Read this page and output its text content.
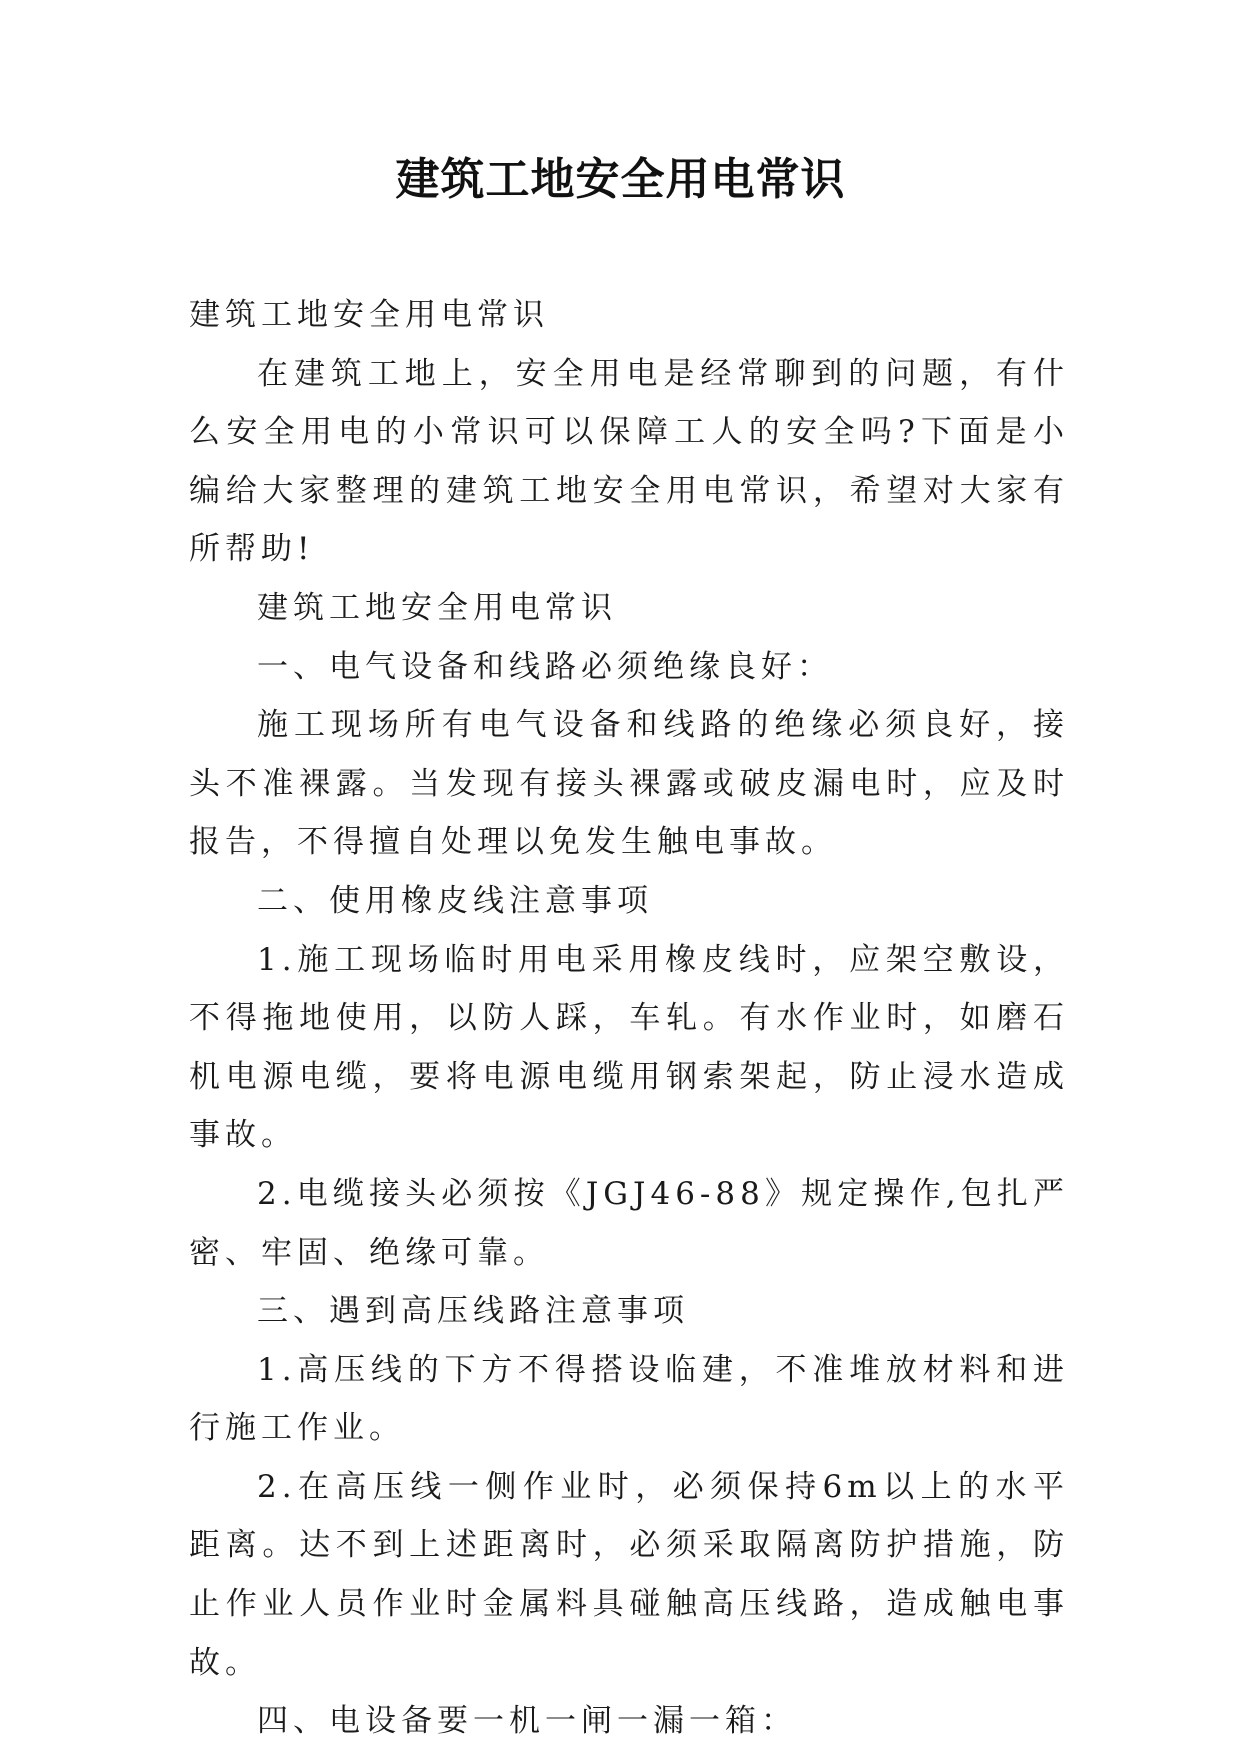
建筑工地安全用电常识

建筑工地安全用电常识

在建筑工地上，安全用电是经常聊到的问题，有什么安全用电的小常识可以保障工人的安全吗?下面是小编给大家整理的建筑工地安全用电常识，希望对大家有所帮助!

建筑工地安全用电常识

一、电气设备和线路必须绝缘良好：

施工现场所有电气设备和线路的绝缘必须良好，接头不准裸露。当发现有接头裸露或破皮漏电时，应及时报告，不得擅自处理以免发生触电事故。

二、使用橡皮线注意事项

1.施工现场临时用电采用橡皮线时，应架空敷设，不得拖地使用，以防人踩，车轧。有水作业时，如磨石机电源电缆，要将电源电缆用钢索架起，防止浸水造成事故。

2.电缆接头必须按《JGJ46-88》规定操作,包扎严密、牢固、绝缘可靠。

三、遇到高压线路注意事项

1.高压线的下方不得搭设临建，不准堆放材料和进行施工作业。

2.在高压线一侧作业时，必须保持6m以上的水平距离。达不到上述距离时，必须采取隔离防护措施，防止作业人员作业时金属料具碰触高压线路，造成触电事故。

四、电设备要一机一闸一漏一箱：
